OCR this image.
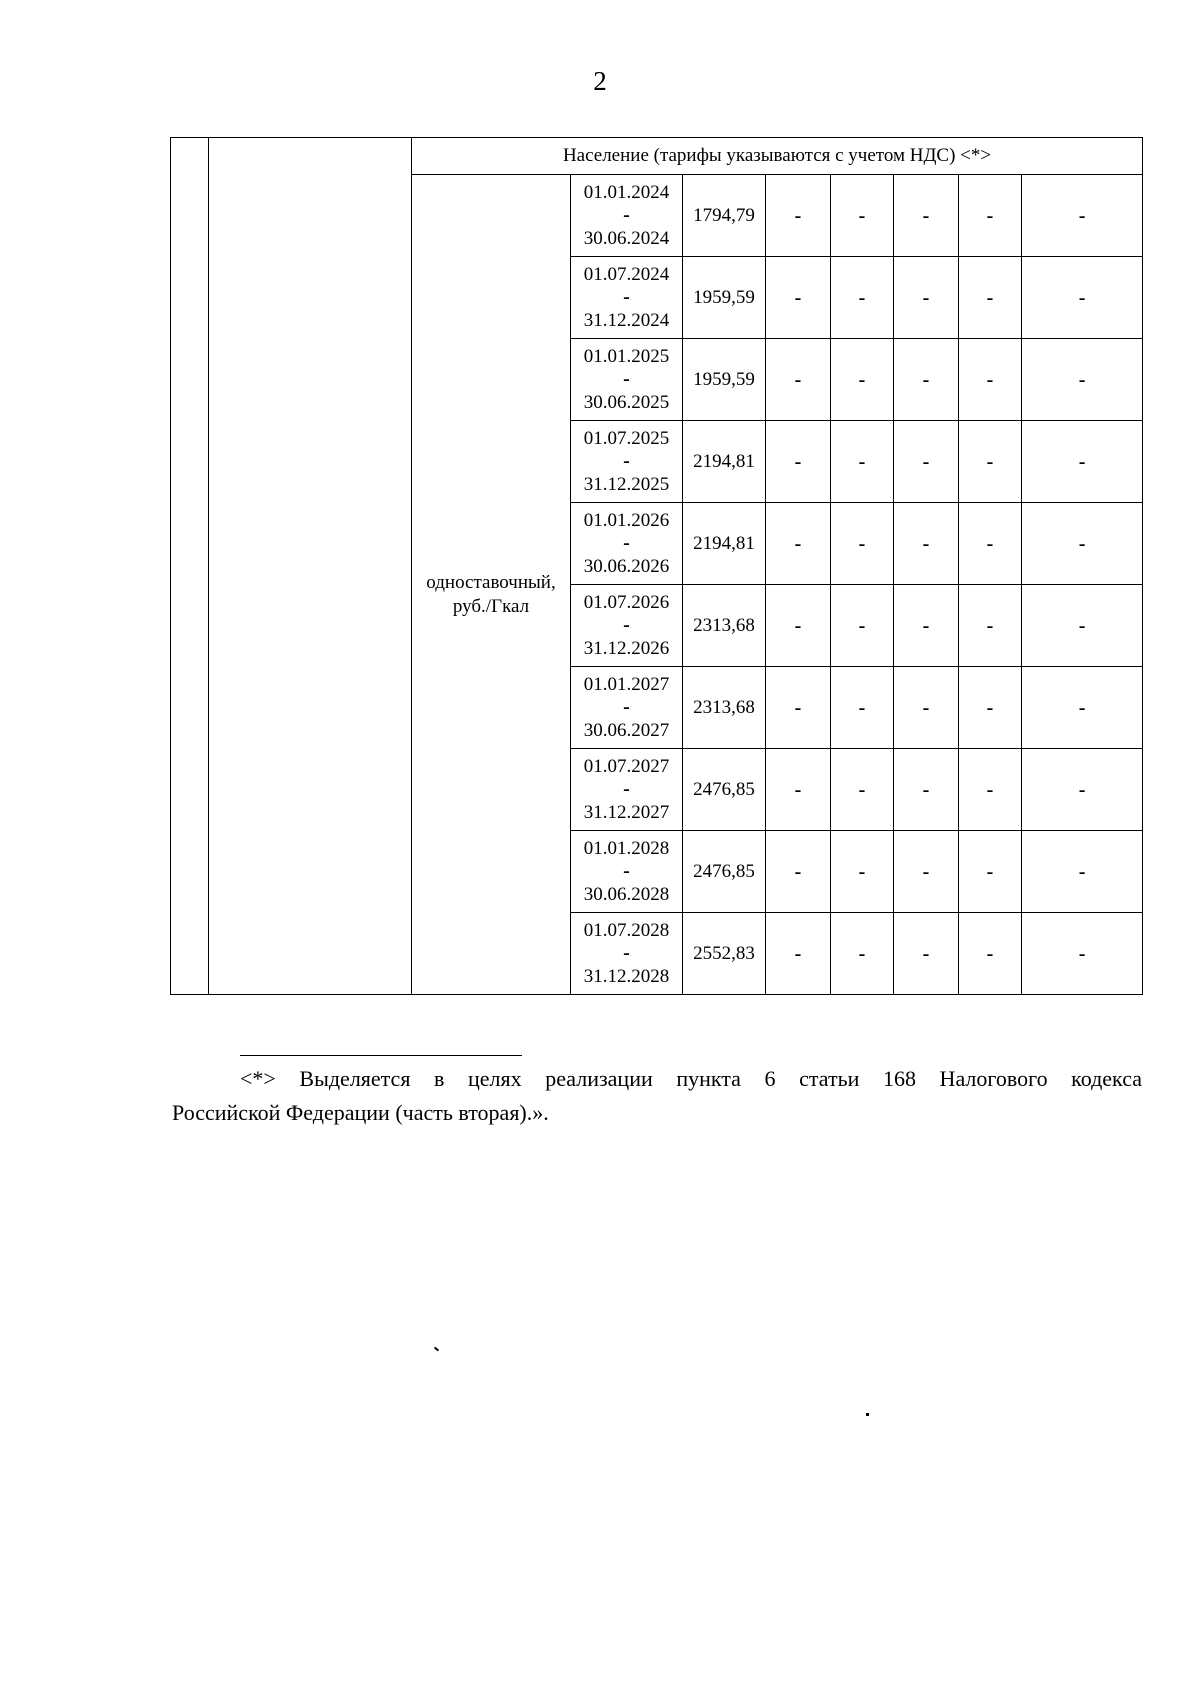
2
		Население (тарифы указываются с учетом НДС) <*>							
		одноставочный, руб./Гкал	01.01.2024
-
30.06.2024	1794,79	-	-	-	-	-

			01.07.2024
-
31.12.2024	1959,59	-	-	-	-	-

			01.01.2025
-
30.06.2025	1959,59	-	-	-	-	-

			01.07.2025
-
31.12.2025	2194,81	-	-	-	-	-

			01.01.2026
-
30.06.2026	2194,81	-	-	-	-	-

			01.07.2026
-
31.12.2026	2313,68	-	-	-	-	-

			01.01.2027
-
30.06.2027	2313,68	-	-	-	-	-

			01.07.2027
-
31.12.2027	2476,85	-	-	-	-	-

			01.01.2028
-
30.06.2028	2476,85	-	-	-	-	-

			01.07.2028
-
31.12.2028	2552,83	-	-	-	-	-

<*> Выделяется в целях реализации пункта 6 статьи 168 Налогового кодекса
Российской Федерации (часть вторая).».
